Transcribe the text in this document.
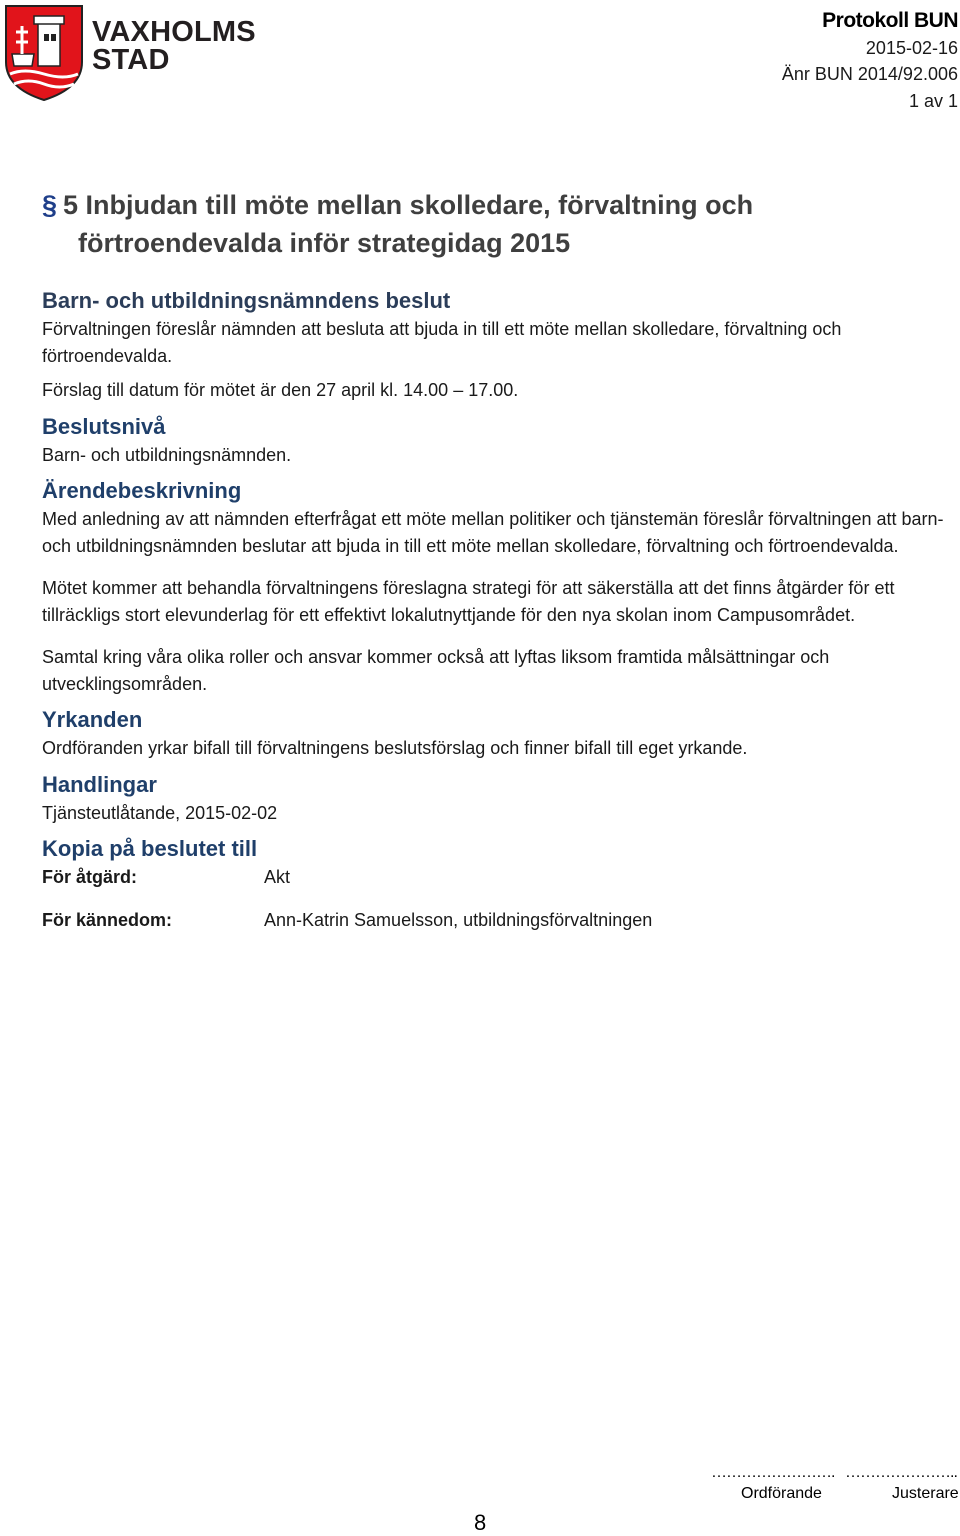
VAXHOLMS
STAD
Protokoll BUN
2015-02-16
Änr BUN 2014/92.006
1 av 1
§ 5 Inbjudan till möte mellan skolledare, förvaltning och
förtroendevalda inför strategidag 2015
Barn- och utbildningsnämndens beslut

Förvaltningen föreslår nämnden att besluta att bjuda in till ett möte mellan skolledare, förvaltning och förtroendevalda.

Förslag till datum för mötet är den 27 april kl. 14.00 – 17.00.

Beslutsnivå

Barn- och utbildningsnämnden.

Ärendebeskrivning

Med anledning av att nämnden efterfrågat ett möte mellan politiker och tjänstemän föreslår förvaltningen att barn- och utbildningsnämnden beslutar att bjuda in till ett möte mellan skolledare, förvaltning och förtroendevalda.

Mötet kommer att behandla förvaltningens föreslagna strategi för att säkerställa att det finns åtgärder för ett tillräckligs stort elevunderlag för ett effektivt lokalutnyttjande för den nya skolan inom Campusområdet.

Samtal kring våra olika roller och ansvar kommer också att lyftas liksom framtida målsättningar och utvecklingsområden.

Yrkanden

Ordföranden yrkar bifall till förvaltningens beslutsförslag och finner bifall till eget yrkande.

Handlingar

Tjänsteutlåtande, 2015-02-02

Kopia på beslutet till
För åtgärd:	Akt
För kännedom:	Ann-Katrin Samuelsson, utbildningsförvaltningen
…………………….
Ordförande
…………………..
Justerare
8
